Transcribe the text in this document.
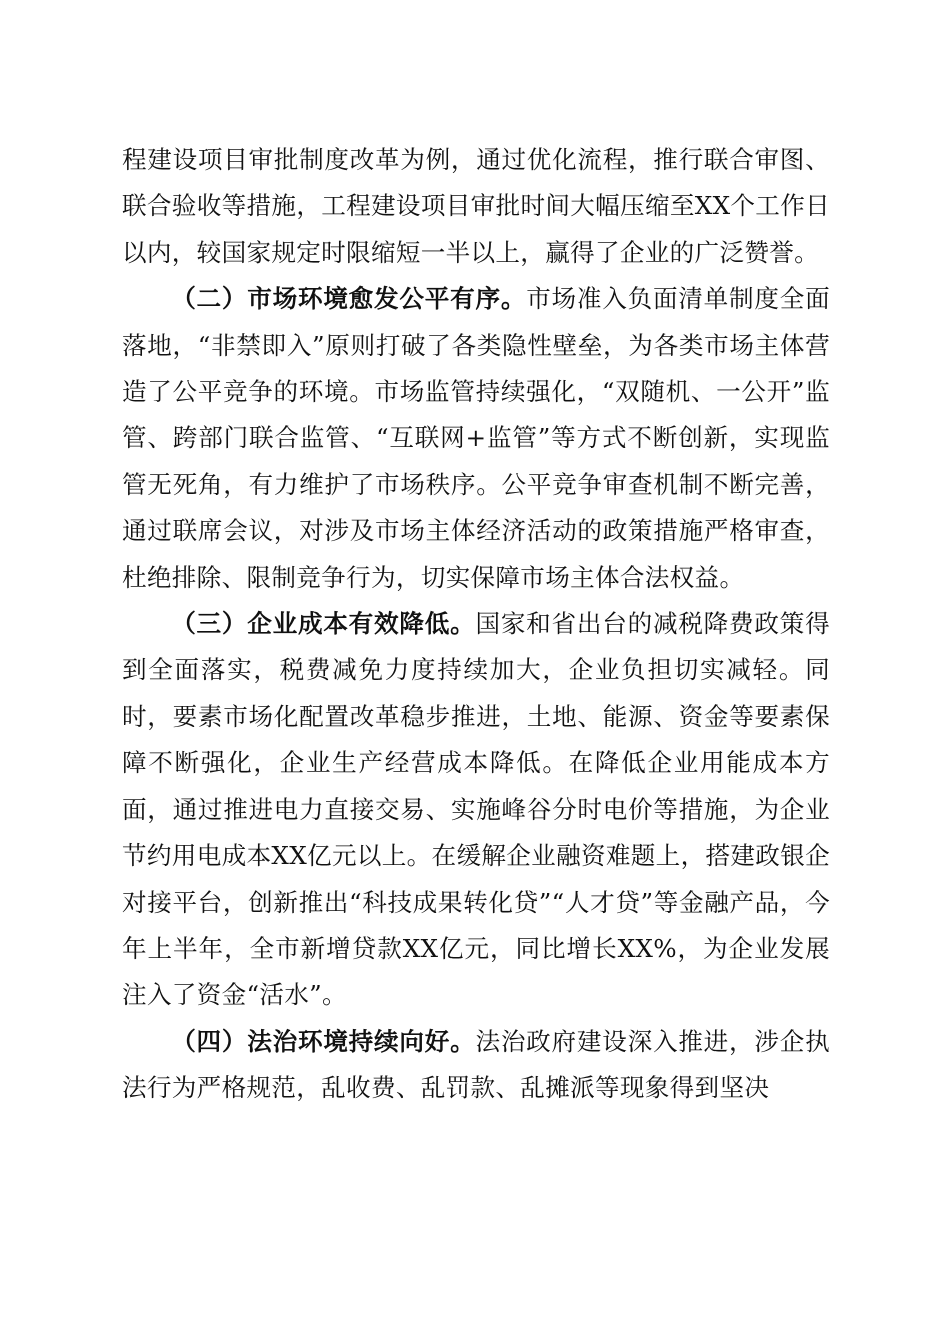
程建设项目审批制度改革为例，通过优化流程，推行联合审图、联合验收等措施，工程建设项目审批时间大幅压缩至XX个工作日以内，较国家规定时限缩短一半以上，赢得了企业的广泛赞誉。

（二）市场环境愈发公平有序。市场准入负面清单制度全面落地，“非禁即入”原则打破了各类隐性壁垒，为各类市场主体营造了公平竞争的环境。市场监管持续强化，“双随机、一公开”监管、跨部门联合监管、“互联网+监管”等方式不断创新，实现监管无死角，有力维护了市场秩序。公平竞争审查机制不断完善，通过联席会议，对涉及市场主体经济活动的政策措施严格审查，杜绝排除、限制竞争行为，切实保障市场主体合法权益。

（三）企业成本有效降低。国家和省出台的减税降费政策得到全面落实，税费减免力度持续加大，企业负担切实减轻。同时，要素市场化配置改革稳步推进，土地、能源、资金等要素保障不断强化，企业生产经营成本降低。在降低企业用能成本方面，通过推进电力直接交易、实施峰谷分时电价等措施，为企业节约用电成本XX亿元以上。在缓解企业融资难题上，搭建政银企对接平台，创新推出“科技成果转化贷”“人才贷”等金融产品，今年上半年，全市新增贷款XX亿元，同比增长XX%，为企业发展注入了资金“活水”。

（四）法治环境持续向好。法治政府建设深入推进，涉企执法行为严格规范，乱收费、乱罚款、乱摊派等现象得到坚决
